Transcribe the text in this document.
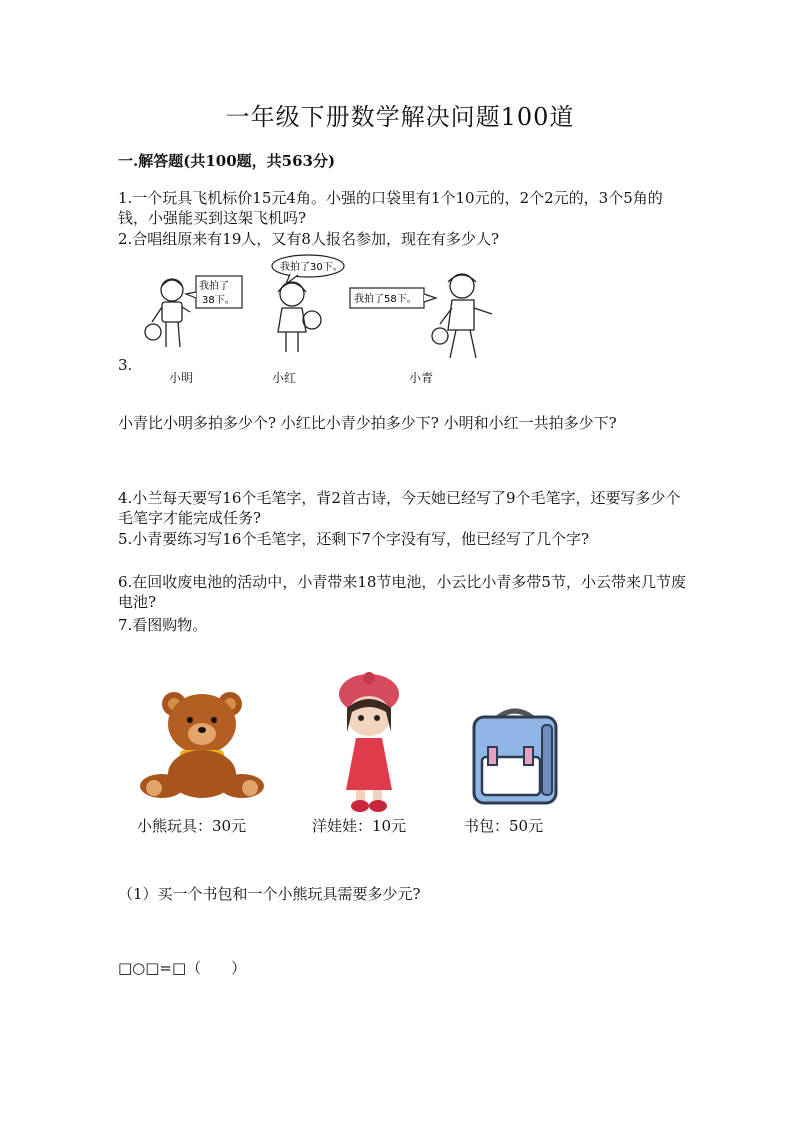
一年级下册数学解决问题100道
一.解答题(共100题，共563分)
1.一个玩具飞机标价15元4角。小强的口袋里有1个10元的，2个2元的，3个5角的钱，小强能买到这架飞机吗?
2.合唱组原来有19人，又有8人报名参加，现在有多少人?
3.
我拍了
38下。
我拍了30下。
我拍了58下。
小明	小红	小青
小青比小明多拍多少个? 小红比小青少拍多少下? 小明和小红一共拍多少下?
4.小兰每天要写16个毛笔字，背2首古诗，今天她已经写了9个毛笔字，还要写多少个毛笔字才能完成任务?
5.小青要练习写16个毛笔字，还剩下7个字没有写，他已经写了几个字?
6.在回收废电池的活动中，小青带来18节电池，小云比小青多带5节，小云带来几节废电池?
7.看图购物。
小熊玩具：30元	洋娃娃：10元	书包：50元
（1）买一个书包和一个小熊玩具需要多少元?
□○□=□（　　）
